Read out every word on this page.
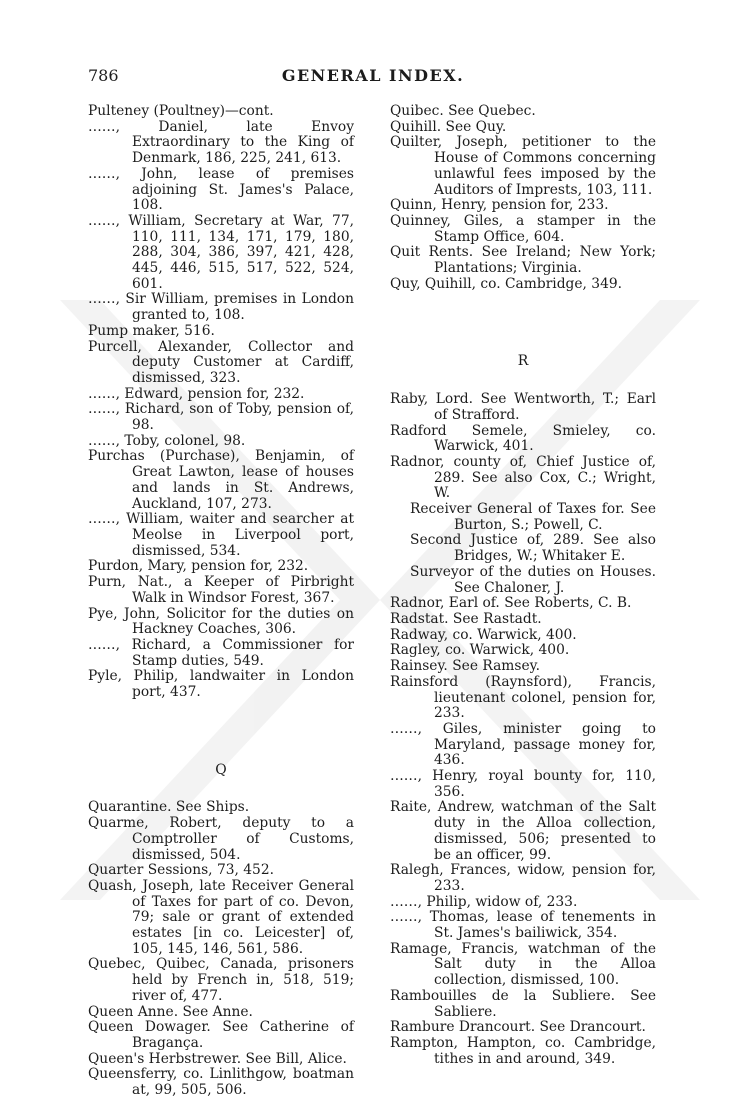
786	GENERAL INDEX.
Pulteney (Poultney)—cont.
……, Daniel, late Envoy Extraordinary to the King of Denmark, 186, 225, 241, 613.
……, John, lease of premises adjoining St. James's Palace, 108.
……, William, Secretary at War, 77, 110, 111, 134, 171, 179, 180, 288, 304, 386, 397, 421, 428, 445, 446, 515, 517, 522, 524, 601.
……, Sir William, premises in London granted to, 108.
Pump maker, 516.
Purcell, Alexander, Collector and deputy Customer at Cardiff, dismissed, 323.
……, Edward, pension for, 232.
……, Richard, son of Toby, pension of, 98.
……, Toby, colonel, 98.
Purchas (Purchase), Benjamin, of Great Lawton, lease of houses and lands in St. Andrews, Auckland, 107, 273.
……, William, waiter and searcher at Meolse in Liverpool port, dismissed, 534.
Purdon, Mary, pension for, 232.
Purn, Nat., a Keeper of Pirbright Walk in Windsor Forest, 367.
Pye, John, Solicitor for the duties on Hackney Coaches, 306.
……, Richard, a Commissioner for Stamp duties, 549.
Pyle, Philip, landwaiter in London port, 437.
Q
Quarantine. See Ships.
Quarme, Robert, deputy to a Comptroller of Customs, dismissed, 504.
Quarter Sessions, 73, 452.
Quash, Joseph, late Receiver General of Taxes for part of co. Devon, 79; sale or grant of extended estates [in co. Leicester] of, 105, 145, 146, 561, 586.
Quebec, Quibec, Canada, prisoners held by French in, 518, 519; river of, 477.
Queen Anne. See Anne.
Queen Dowager. See Catherine of Bragança.
Queen's Herbstrewer. See Bill, Alice.
Queensferry, co. Linlithgow, boatman at, 99, 505, 506.
Quibec. See Quebec.
Quihill. See Quy.
Quilter, Joseph, petitioner to the House of Commons concerning unlawful fees imposed by the Auditors of Imprests, 103, 111.
Quinn, Henry, pension for, 233.
Quinney, Giles, a stamper in the Stamp Office, 604.
Quit Rents. See Ireland; New York; Plantations; Virginia.
Quy, Quihill, co. Cambridge, 349.
R
Raby, Lord. See Wentworth, T.; Earl of Strafford.
Radford Semele, Smieley, co. Warwick, 401.
Radnor, county of, Chief Justice of, 289. See also Cox, C.; Wright, W.
Receiver General of Taxes for. See Burton, S.; Powell, C.
Second Justice of, 289. See also Bridges, W.; Whitaker E.
Surveyor of the duties on Houses. See Chaloner, J.
Radnor, Earl of. See Roberts, C. B.
Radstat. See Rastadt.
Radway, co. Warwick, 400.
Ragley, co. Warwick, 400.
Rainsey. See Ramsey.
Rainsford (Raynsford), Francis, lieutenant colonel, pension for, 233.
……, Giles, minister going to Maryland, passage money for, 436.
……, Henry, royal bounty for, 110, 356.
Raite, Andrew, watchman of the Salt duty in the Alloa collection, dismissed, 506; presented to be an officer, 99.
Ralegh, Frances, widow, pension for, 233.
……, Philip, widow of, 233.
……, Thomas, lease of tenements in St. James's bailiwick, 354.
Ramage, Francis, watchman of the Salt duty in the Alloa collection, dismissed, 100.
Rambouilles de la Subliere. See Sabliere.
Rambure Drancourt. See Drancourt.
Rampton, Hampton, co. Cambridge, tithes in and around, 349.
